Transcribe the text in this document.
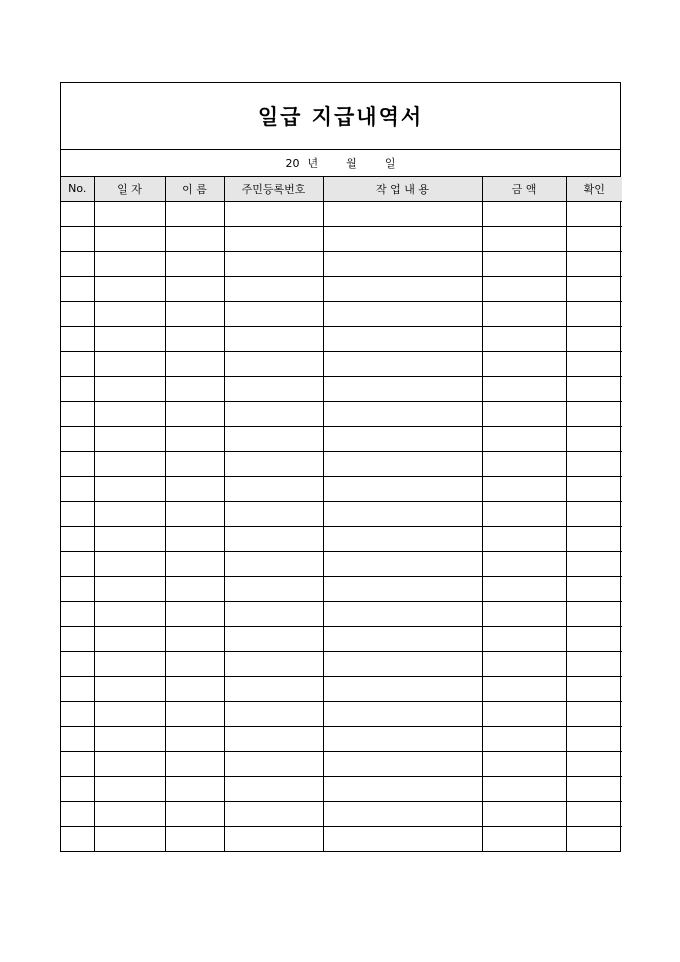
일급 지급내역서
20 년	월	일
No.	일 자	이 름	주민등록번호	작 업 내 용	금 액	확인
